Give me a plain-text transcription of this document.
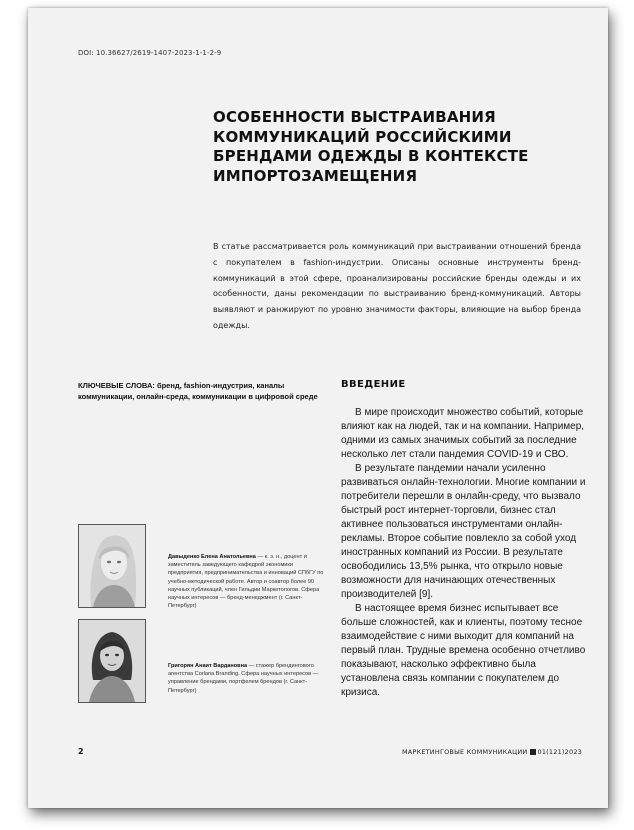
DOI: 10.36627/2619-1407-2023-1-1-2-9
ОСОБЕННОСТИ ВЫСТРАИВАНИЯ КОММУНИКАЦИЙ РОССИЙСКИМИ БРЕНДАМИ ОДЕЖДЫ В КОНТЕКСТЕ ИМПОРТОЗАМЕЩЕНИЯ

В статье рассматривается роль коммуникаций при выстраивании отношений бренда с покупателем в fashion-индустрии. Описаны основные инструменты бренд-коммуникаций в этой сфере, проанализированы российские бренды одежды и их особенности, даны рекомендации по выстраиванию бренд-коммуникаций. Авторы выявляют и ранжируют по уровню значимости факторы, влияющие на выбор бренда одежды.

КЛЮЧЕВЫЕ СЛОВА: бренд, fashion-индустрия, каналы коммуникации, онлайн-среда, коммуникации в цифровой среде

ВВЕДЕНИЕ

В мире происходит множество событий, которые влияют как на людей, так и на компании. Например, одними из самых значимых событий за последние несколько лет стали пандемия COVID-19 и СВО.

В результате пандемии начали усиленно развиваться онлайн-технологии. Многие компании и потребители перешли в онлайн-среду, что вызвало быстрый рост интернет-торговли, бизнес стал активнее пользоваться инструментами онлайн-рекламы. Второе событие повлекло за собой уход иностранных компаний из России. В результате освободились 13,5% рынка, что открыло новые возможности для начинающих отечественных производителей [9].

В настоящее время бизнес испытывает все больше сложностей, как и клиенты, поэтому тесное взаимодействие с ними выходит для компаний на первый план. Трудные времена особенно отчетливо показывают, насколько эффективно была установлена связь компании с покупателем до кризиса.

Давыденко Елена Анатольевна — к. э. н., доцент и заместитель заведующего кафедрой экономики предприятия, предпринимательства и инноваций СПбГУ по учебно-методической работе. Автор и соавтор более 90 научных публикаций, член Гильдии Маркетологов. Сфера научных интересов — бренд-менеджмент (г. Санкт-Петербург)

Григорян Анаит Вардановна — стажер брендингового агентства Corlana Branding. Сфера научных интересов — управление брендами, портфелем брендов (г. Санкт-Петербург)

2	МАРКЕТИНГОВЫЕ КОММУНИКАЦИИ 01(121)2023
